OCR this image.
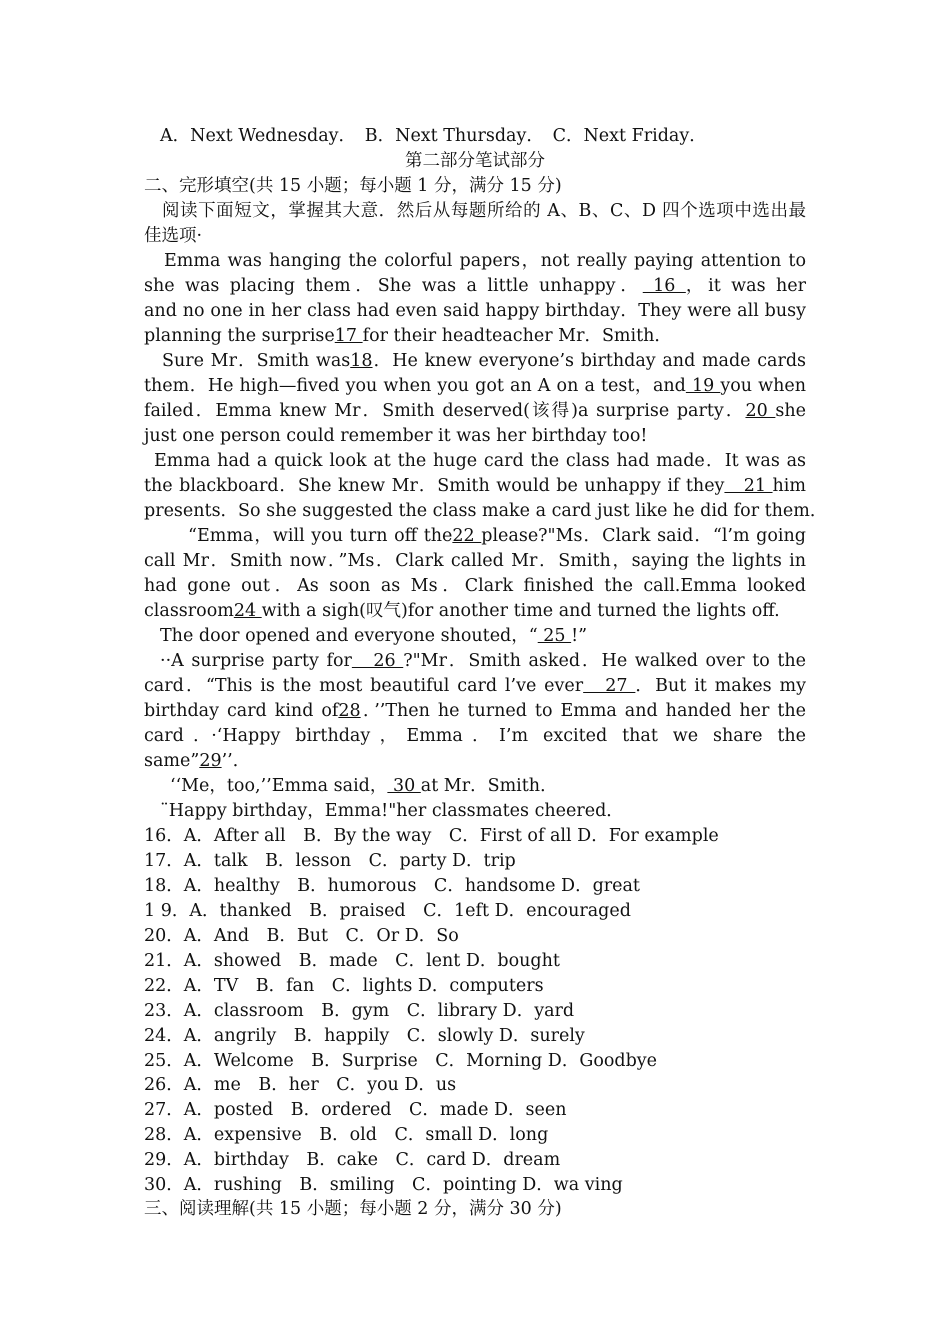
A．Next Wednesday．　B．Next Thursday．　C．Next Friday．
第二部分笔试部分
二、完形填空(共 15 小题；每小题 1 分，满分 15 分)
阅读下面短文，掌握其大意．然后从每题所给的 A、B、C、D 四个选项中选出最
佳选项·
Emma was hanging the colorful papers，not really paying attention to
she was placing them．She was a little unhappy． 16 ，it was her
and no one in her class had even said happy birthday．They were all busy
planning the surprise17 for their headteacher Mr．Smith．
Sure Mr．Smith was18．He knew everyone’s birthday and made cards
them．He high—fived you when you got an A on a test，and 19 you when
failed．Emma knew Mr．Smith deserved(该得)a surprise party．20 she
just one person could remember it was her birthday too!
Emma had a quick look at the huge card the class had made．It was as
the blackboard．She knew Mr．Smith would be unhappy if they　21 him
presents．So she suggested the class make a card just like he did for them．
“Emma，will you turn off the22 please?"Ms．Clark said．“l’m going
call Mr．Smith now．”Ms．Clark called Mr．Smith，saying the lights in
had gone out．As soon as Ms．Clark finished the call.Emma looked
classroom24 with a sigh(叹气)for another time and turned the lights off.
The door opened and everyone shouted，“ 25 !”
··A surprise party for　26 ?"Mr．Smith asked．He walked over to the
card．“This is the most beautiful card l’ve ever　27 ．But it makes my
birthday card kind of28．’’Then he turned to Emma and handed her the
card．·‘Happy birthday，Emma．I’m excited that we share the
same”29’’．
‘‘Me，too,’’Emma said， 30 at Mr．Smith．
¨Happy birthday，Emma!"her classmates cheered．
16．A．After all　B．By the way　C．First of all D．For example
17．A．talk　B．lesson　C．party D．trip
18．A．healthy　B．humorous　C．handsome D．great
1 9．A．thanked　B．praised　C．1eft D．encouraged
20．A．And　B．But　C．Or D．So
21．A．showed　B．made　C．lent D．bought
22．A．TV　B．fan　C．lights D．computers
23．A．classroom　B．gym　C．library D．yard
24．A．angrily　B．happily　C．slowly D．surely
25．A．Welcome　B．Surprise　C．Morning D．Goodbye
26．A．me　B．her　C．you D．us
27．A．posted　B．ordered　C．made D．seen
28．A．expensive　B．old　C．small D．long
29．A．birthday　B．cake　C．card D．dream
30．A．rushing　B．smiling　C．pointing D．wa ving
三、阅读理解(共 15 小题；每小题 2 分，满分 30 分)
